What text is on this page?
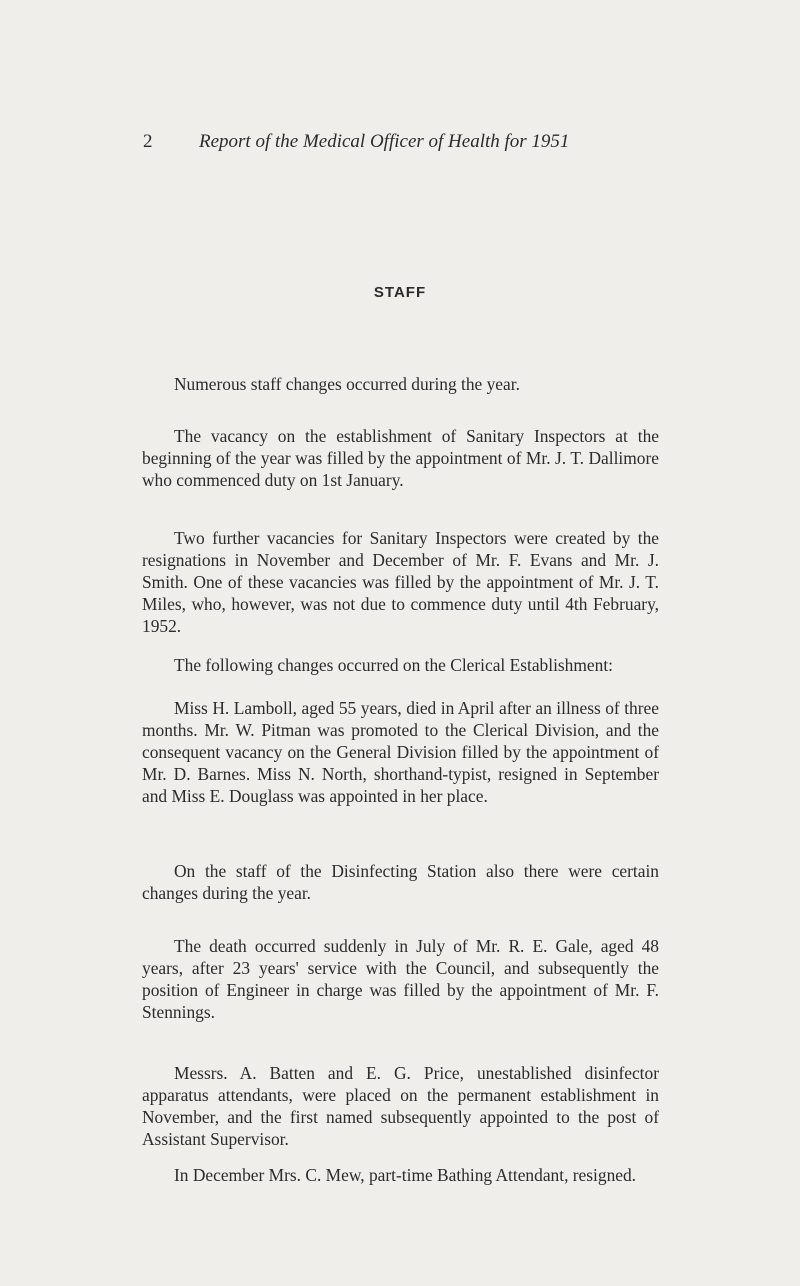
2 Report of the Medical Officer of Health for 1951
STAFF

Numerous staff changes occurred during the year.

The vacancy on the establishment of Sanitary Inspectors at the beginning of the year was filled by the appointment of Mr. J. T. Dallimore who commenced duty on 1st January.

Two further vacancies for Sanitary Inspectors were created by the resignations in November and December of Mr. F. Evans and Mr. J. Smith. One of these vacancies was filled by the appointment of Mr. J. T. Miles, who, however, was not due to commence duty until 4th February, 1952.

The following changes occurred on the Clerical Establishment:

Miss H. Lamboll, aged 55 years, died in April after an illness of three months. Mr. W. Pitman was promoted to the Clerical Division, and the consequent vacancy on the General Division filled by the appointment of Mr. D. Barnes. Miss N. North, shorthand-typist, resigned in September and Miss E. Douglass was appointed in her place.

On the staff of the Disinfecting Station also there were certain changes during the year.

The death occurred suddenly in July of Mr. R. E. Gale, aged 48 years, after 23 years' service with the Council, and subsequently the position of Engineer in charge was filled by the appointment of Mr. F. Stennings.

Messrs. A. Batten and E. G. Price, unestablished disinfector apparatus attendants, were placed on the permanent establishment in November, and the first named subsequently appointed to the post of Assistant Supervisor.

In December Mrs. C. Mew, part-time Bathing Attendant, resigned.
